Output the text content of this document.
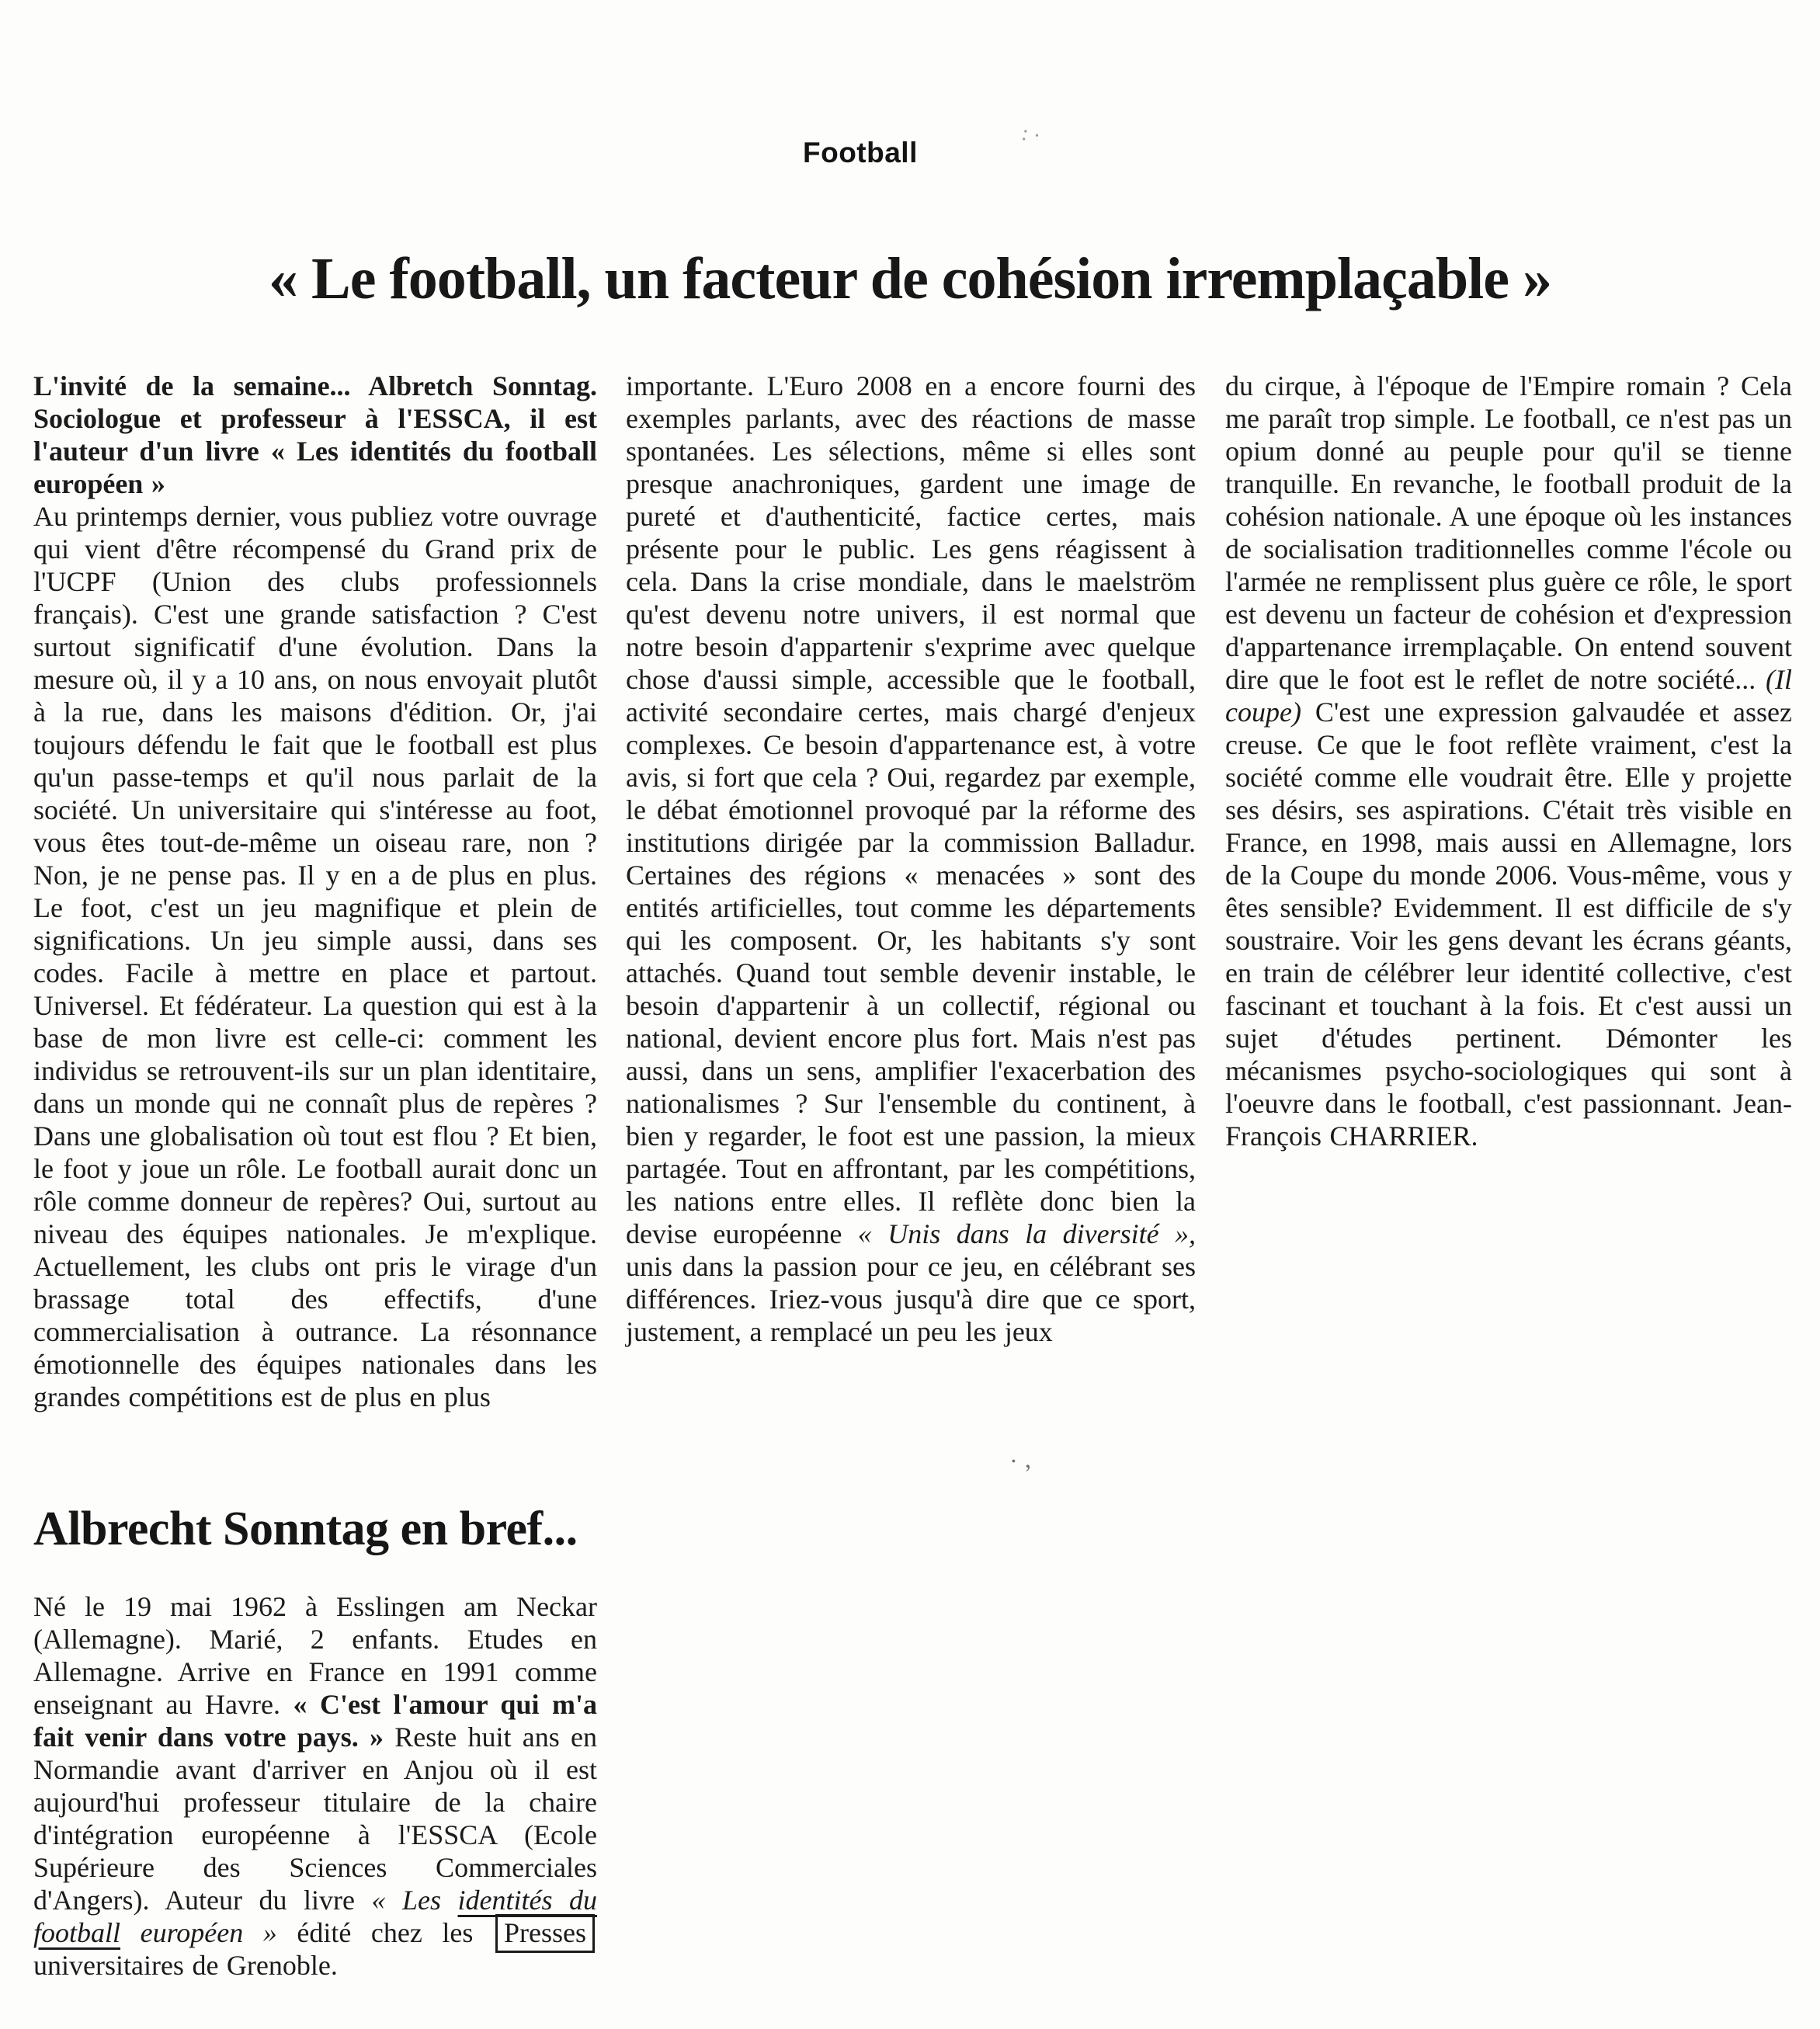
Football
« Le football, un facteur de cohésion irremplaçable »

L'invité de la semaine... Albretch Sonntag. Sociologue et professeur à l'ESSCA, il est l'auteur d'un livre « Les identités du football européen »

Au printemps dernier, vous publiez votre ouvrage qui vient d'être récompensé du Grand prix de l'UCPF (Union des clubs professionnels français). C'est une grande satisfaction ? C'est surtout significatif d'une évolution. Dans la mesure où, il y a 10 ans, on nous envoyait plutôt à la rue, dans les maisons d'édition. Or, j'ai toujours défendu le fait que le football est plus qu'un passe-temps et qu'il nous parlait de la société. Un universitaire qui s'intéresse au foot, vous êtes tout-de-même un oiseau rare, non ? Non, je ne pense pas. Il y en a de plus en plus. Le foot, c'est un jeu magnifique et plein de significations. Un jeu simple aussi, dans ses codes. Facile à mettre en place et partout. Universel. Et fédérateur. La question qui est à la base de mon livre est celle-ci: comment les individus se retrouvent-ils sur un plan identitaire, dans un monde qui ne connaît plus de repères ? Dans une globalisation où tout est flou ? Et bien, le foot y joue un rôle. Le football aurait donc un rôle comme donneur de repères? Oui, surtout au niveau des équipes nationales. Je m'explique. Actuellement, les clubs ont pris le virage d'un brassage total des effectifs, d'une commercialisation à outrance. La résonnance émotionnelle des équipes nationales dans les grandes compétitions est de plus en plus

importante. L'Euro 2008 en a encore fourni des exemples parlants, avec des réactions de masse spontanées. Les sélections, même si elles sont presque anachroniques, gardent une image de pureté et d'authenticité, factice certes, mais présente pour le public. Les gens réagissent à cela. Dans la crise mondiale, dans le maelström qu'est devenu notre univers, il est normal que notre besoin d'appartenir s'exprime avec quelque chose d'aussi simple, accessible que le football, activité secondaire certes, mais chargé d'enjeux complexes. Ce besoin d'appartenance est, à votre avis, si fort que cela ? Oui, regardez par exemple, le débat émotionnel provoqué par la réforme des institutions dirigée par la commission Balladur. Certaines des régions « menacées » sont des entités artificielles, tout comme les départements qui les composent. Or, les habitants s'y sont attachés. Quand tout semble devenir instable, le besoin d'appartenir à un collectif, régional ou national, devient encore plus fort. Mais n'est pas aussi, dans un sens, amplifier l'exacerbation des nationalismes ? Sur l'ensemble du continent, à bien y regarder, le foot est une passion, la mieux partagée. Tout en affrontant, par les compétitions, les nations entre elles. Il reflète donc bien la devise européenne « Unis dans la diversité », unis dans la passion pour ce jeu, en célébrant ses différences. Iriez-vous jusqu'à dire que ce sport, justement, a remplacé un peu les jeux

du cirque, à l'époque de l'Empire romain ? Cela me paraît trop simple. Le football, ce n'est pas un opium donné au peuple pour qu'il se tienne tranquille. En revanche, le football produit de la cohésion nationale. A une époque où les instances de socialisation traditionnelles comme l'école ou l'armée ne remplissent plus guère ce rôle, le sport est devenu un facteur de cohésion et d'expression d'appartenance irremplaçable. On entend souvent dire que le foot est le reflet de notre société... (Il coupe) C'est une expression galvaudée et assez creuse. Ce que le foot reflète vraiment, c'est la société comme elle voudrait être. Elle y projette ses désirs, ses aspirations. C'était très visible en France, en 1998, mais aussi en Allemagne, lors de la Coupe du monde 2006. Vous-même, vous y êtes sensible? Evidemment. Il est difficile de s'y soustraire. Voir les gens devant les écrans géants, en train de célébrer leur identité collective, c'est fascinant et touchant à la fois. Et c'est aussi un sujet d'études pertinent. Démonter les mécanismes psycho-sociologiques qui sont à l'oeuvre dans le football, c'est passionnant. Jean-François CHARRIER.

Albrecht Sonntag en bref...
Né le 19 mai 1962 à Esslingen am Neckar (Allemagne). Marié, 2 enfants. Etudes en Allemagne. Arrive en France en 1991 comme enseignant au Havre. « C'est l'amour qui m'a fait venir dans votre pays. » Reste huit ans en Normandie avant d'arriver en Anjou où il est aujourd'hui professeur titulaire de la chaire d'intégration européenne à l'ESSCA (Ecole Supérieure des Sciences Commerciales d'Angers). Auteur du livre « Les identités du football européen » édité chez les Presses universitaires de Grenoble.
: ·
· ,
